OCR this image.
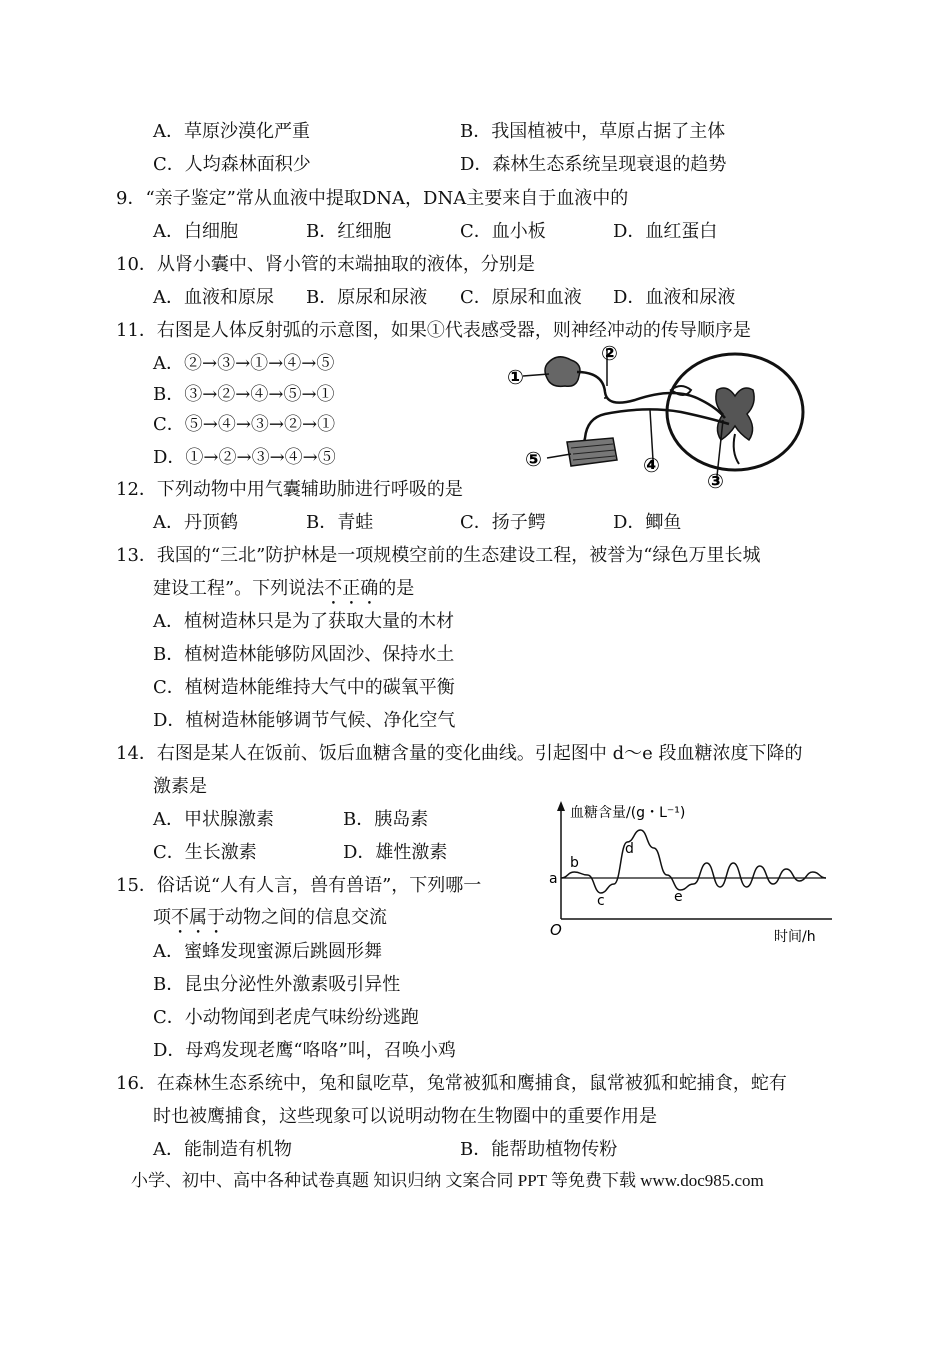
A．草原沙漠化严重	B．我国植被中，草原占据了主体
C．人均森林面积少	D．森林生态系统呈现衰退的趋势
9．“亲子鉴定”常从血液中提取DNA，DNA主要来自于血液中的
A．白细胞	B．红细胞	C．血小板	D．血红蛋白
10．从肾小囊中、肾小管的末端抽取的液体，分别是
A．血液和原尿 B．原尿和尿液 C．原尿和血液 D．血液和尿液
11．右图是人体反射弧的示意图，如果①代表感受器，则神经冲动的传导顺序是
A．②→③→①→④→⑤
B．③→②→④→⑤→①
C．⑤→④→③→②→①
D．①→②→③→④→⑤
①
②
③
④
⑤
12．下列动物中用气囊辅助肺进行呼吸的是
A．丹顶鹤	B．青蛙	C．扬子鳄	D．鲫鱼
13．我国的“三北”防护林是一项规模空前的生态建设工程，被誉为“绿色万里长城
建设工程”。下列说法不正确的是
A．植树造林只是为了获取大量的木材
B．植树造林能够防风固沙、保持水土
C．植树造林能维持大气中的碳氧平衡
D．植树造林能够调节气候、净化空气
14．右图是某人在饭前、饭后血糖含量的变化曲线。引起图中 d～e 段血糖浓度下降的
激素是
A．甲状腺激素	B．胰岛素
C．生长激素	D．雄性激素
血糖含量/(g・L⁻¹)
时间/h
O
a
b
c
d
e
15．俗话说“人有人言，兽有兽语”，下列哪一
项不属于动物之间的信息交流
A．蜜蜂发现蜜源后跳圆形舞
B．昆虫分泌性外激素吸引异性
C．小动物闻到老虎气味纷纷逃跑
D．母鸡发现老鹰“咯咯”叫，召唤小鸡
16．在森林生态系统中，兔和鼠吃草，兔常被狐和鹰捕食，鼠常被狐和蛇捕食，蛇有
时也被鹰捕食，这些现象可以说明动物在生物圈中的重要作用是
A．能制造有机物	B．能帮助植物传粉
小学、初中、高中各种试卷真题 知识归纳 文案合同 PPT 等免费下载 www.doc985.com
